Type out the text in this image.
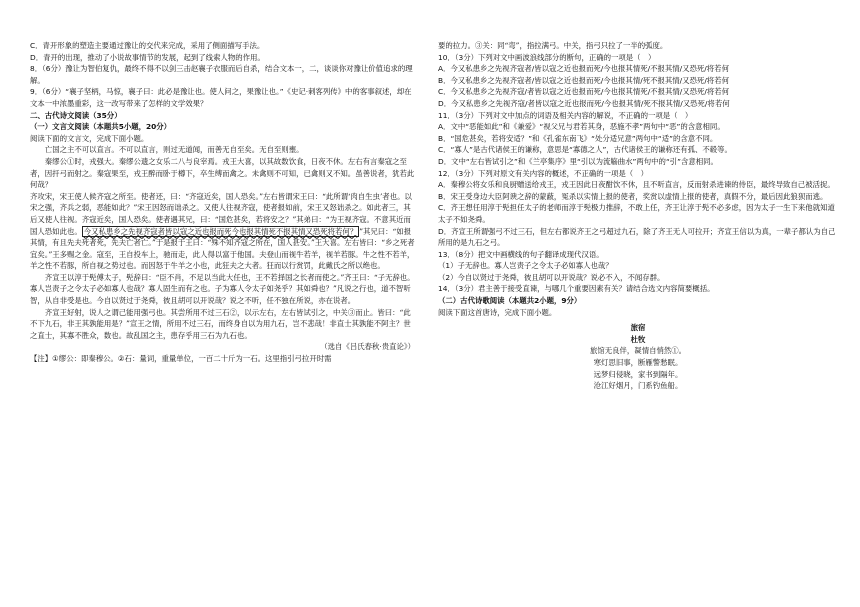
C．青开形象的塑造主要通过豫让的交代来完成，采用了侧面描写手法。

D．青开的出现，推动了小说故事情节的发展，起到了线索人物的作用。

8．（6分）豫让为智伯复仇，最终不得不以剑三击赵襄子衣服而后自杀，结合文本一，二，谈谈你对豫让价值追求的理解。

9．（6分）“襄子坚柄，马惊，襄子曰：此必是豫让也。使人问之，果豫让也。”《史记·刺客列传》中的客事叙述，却在文本一中浓墨重彩，这一改写带来了怎样的文学效果？

二、古代诗文阅读（35分）

（一）文言文阅读（本题共5小题，20分）

阅读下面的文言文，完成下面小题。

亡国之主不可以直言。不可以直言，则过无道闻，而善无自至矣。无自至则壅。

秦缪公①时，戎强大。秦缪公遗之女乐二八与良宰焉。戎王大喜，以其故数饮食，日夜不休。左右有言秦寇之至者，因扞弓而射之。秦寇果至，戎王醉而卧于樽下，卒生缚而禽之。未禽则不可知，已禽则又不知。虽善说者，犹若此何哉？

齐攻宋，宋王使人候齐寇之所至。使者还，曰：“齐寇近矣，国人恐矣。”左右皆谓宋王曰：“此所谓‘肉自生虫’者也。以宋之强，齐兵之弱，恶能如此？”宋王因怒而诎杀之。又使人往视齐寇，使者报如前，宋王又怒诎杀之。如此者三，其后又使人往视。齐寇近矣，国人恐矣。使者遇其兄，曰：“国危甚矣，若将安之？”其弟曰：“为王视齐寇。不意其近而国人恐如此也。 今又私患乡之先视齐寇者皆以寇之近也报而死今也报其情死不报其情又恐死将若何？ ”其兄曰：“如报其情，有且先夫死者死，先夫亡者亡。”于是报于王曰：“殊不知齐寇之所在，国人甚安。”王大喜。左右皆曰：“乡之死者宜矣。”王多赐之金。寇至，王自投车上，驰而走，此人得以富于他国。夫登山而视牛若羊，视羊若豚。牛之性不若羊，羊之性不若豚，所自视之势过也。而因怒于牛羊之小也，此狂夫之大者。狂而以行赏罚，此戴氏之所以绝也。

齐宣王以淳于髡傅太子，髡辞曰：“臣不肖，不足以当此大任也，王不若择国之长者而使之。”齐王曰：“子无辞也。寡人岂责子之令太子必如寡人也哉？寡人固生而有之也。子为寡人令太子如尧乎？其如舜也？”凡说之行也，道不智听智，从自非受是也。今自以贤过于尧舜，彼且胡可以开说哉？说之不听，任不独在所说，亦在说者。

齐宣王好射，说人之谓己能用强弓也。其尝所用不过三石②，以示左右，左右皆试引之，中关③而止。皆曰：“此不下九石，非王其孰能用是？”宣王之情，所用不过三石，而终身自以为用九石，岂不悲哉！非直士其孰能不阿主？世之直士，其寡不胜众，数也。故乱国之主，患存乎用三石为九石也。

（选自《吕氏春秋·贵直论》）

【注】①缪公：即秦穆公。②石：量词，重量单位，一百二十斤为一石。这里指引弓拉开时需

要的拉力。③关：同“弯”，指拉满弓。中关，指弓只拉了一半的弧度。

10．（3分）下列对文中画波浪线部分的断句，正确的一项是（　）

A．今又私患乡之先视齐寇者/皆以寇之近也报而死/今也报其情死/不报其情/又恐死/将若何

B．今又私患乡之先视齐寇者/皆以寇之近也报而死/今也报其情/死不报其情/又恐死/将若何

C．今又私患乡之先视齐寇/者皆以寇之近也报而死/今也报其情死/不报其情/又恐死/将若何

D．今又私患乡之先视齐寇/者皆以寇之近也报而死/今也报其情/死不报其情/又恐死/将若何

11．（3分）下列对文中加点的词语及相关内容的解说，不正确的一项是（　）

A．文中“恶能如此”和《兼爱》“视父兄与君若其身，恶施不孝”两句中“恶”的含意相同。

B．“国危甚矣，若将安适？”和《孔雀东南飞》“处分适兄意”两句中“适”的含意不同。

C．“寡人”是古代诸侯王的谦称，意思是“寡德之人”，古代诸侯王的谦称还有孤、不毂等。

D．文中“左右皆试引之”和《兰亭集序》里“引以为流觞曲水”两句中的“引”含意相同。

12．（3分）下列对原文有关内容的概述，不正确的一项是（　）

A．秦穆公将女乐和良厨赠送给戎王，戎王因此日夜酣饮不休，且不听直言，反而射杀进谏的侍臣，最终导致自己被活捉。

B．宋王受身边大臣阿谀之辞的蒙蔽，冤杀以实情上报的使者，奖赏以虚情上报的使者，真假不分，最后因此狼狈而逃。

C．齐王想任用淳于髡担任太子的老师而淳于髡极力推辞，不敢上任，齐王让淳于髡不必多虑，因为太子一生下来他就知道太子不如尧舜。

D．齐宣王所谓强弓不过三石，但左右都说齐王之弓超过九石，除了齐王无人可拉开；齐宣王信以为真，一辈子都认为自己所用的是九石之弓。

13．（8分）把文中画横线的句子翻译成现代汉语。

（1）子无辞也。寡人岂责子之令太子必如寡人也哉？

（2）今自以贤过于尧舜，彼且胡可以开说哉？说必不入，不闻存群。

14．（3分）君主善于接受直谏，与哪几个重要因素有关？请结合选文内容简要概括。

（二）古代诗歌阅读（本题共2小题，9分）

阅读下面这首唐诗，完成下面小题。

旅宿

杜牧

旅馆无良伴，凝情自悄然①。

寒灯思旧事，断雁警愁眠。

远梦归侵晓，家书到隔年。

沧江好烟月，门系钓鱼船。
